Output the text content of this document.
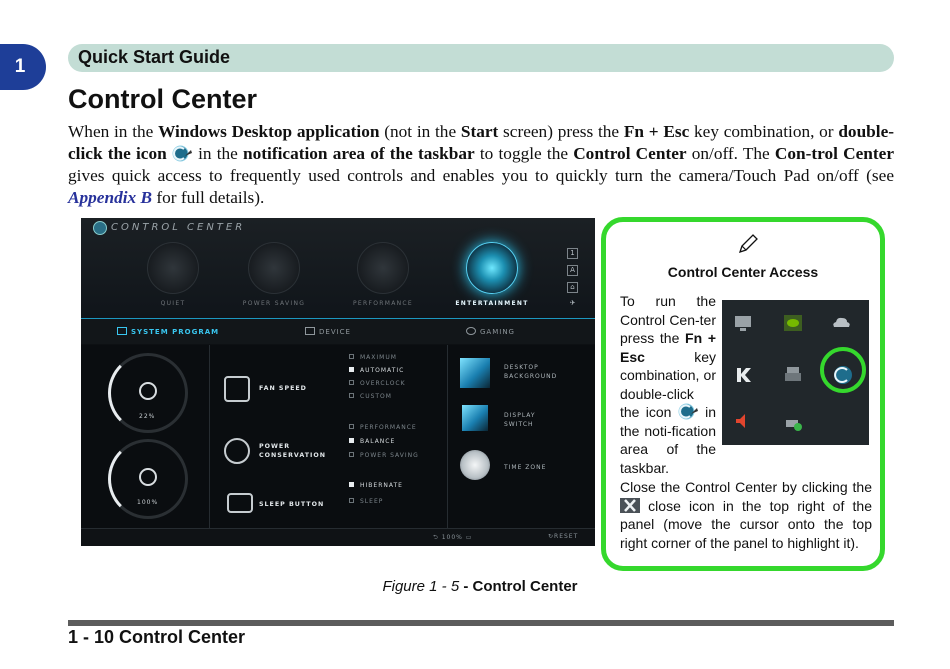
1	Quick Start Guide
Control Center
When in the Windows Desktop application (not in the Start screen) press the Fn + Esc key combination, or double-click the icon  in the notification area of the taskbar to toggle the Control Center on/off. The Con-trol Center gives quick access to frequently used controls and enables you to quickly turn the camera/Touch Pad on/off (see Appendix B for full details).
CONTROL CENTER
QUIET	POWER SAVING	PERFORMANCE	ENTERTAINMENT
1
A
⌂
✈
SYSTEM PROGRAM	DEVICE	GAMING
22%
100%
FAN SPEED
POWER CONSERVATION
SLEEP BUTTON
MAXIMUM
AUTOMATIC
OVERCLOCK
CUSTOM
PERFORMANCE
BALANCE
POWER SAVING
HIBERNATE
SLEEP
DESKTOP BACKGROUND
DISPLAY SWITCH
TIME ZONE
⮌ 100% ▭	↻RESET
Control Center Access
To run the Control Cen-ter press the Fn + Esc key combination, or double-click the icon  in the noti-fication area of the taskbar.
Close the Control Center by clicking the
close icon in the top right of the panel (move the cursor onto the top right corner of the panel to highlight it).
Figure 1 - 5 - Control Center
1 - 10 Control Center
